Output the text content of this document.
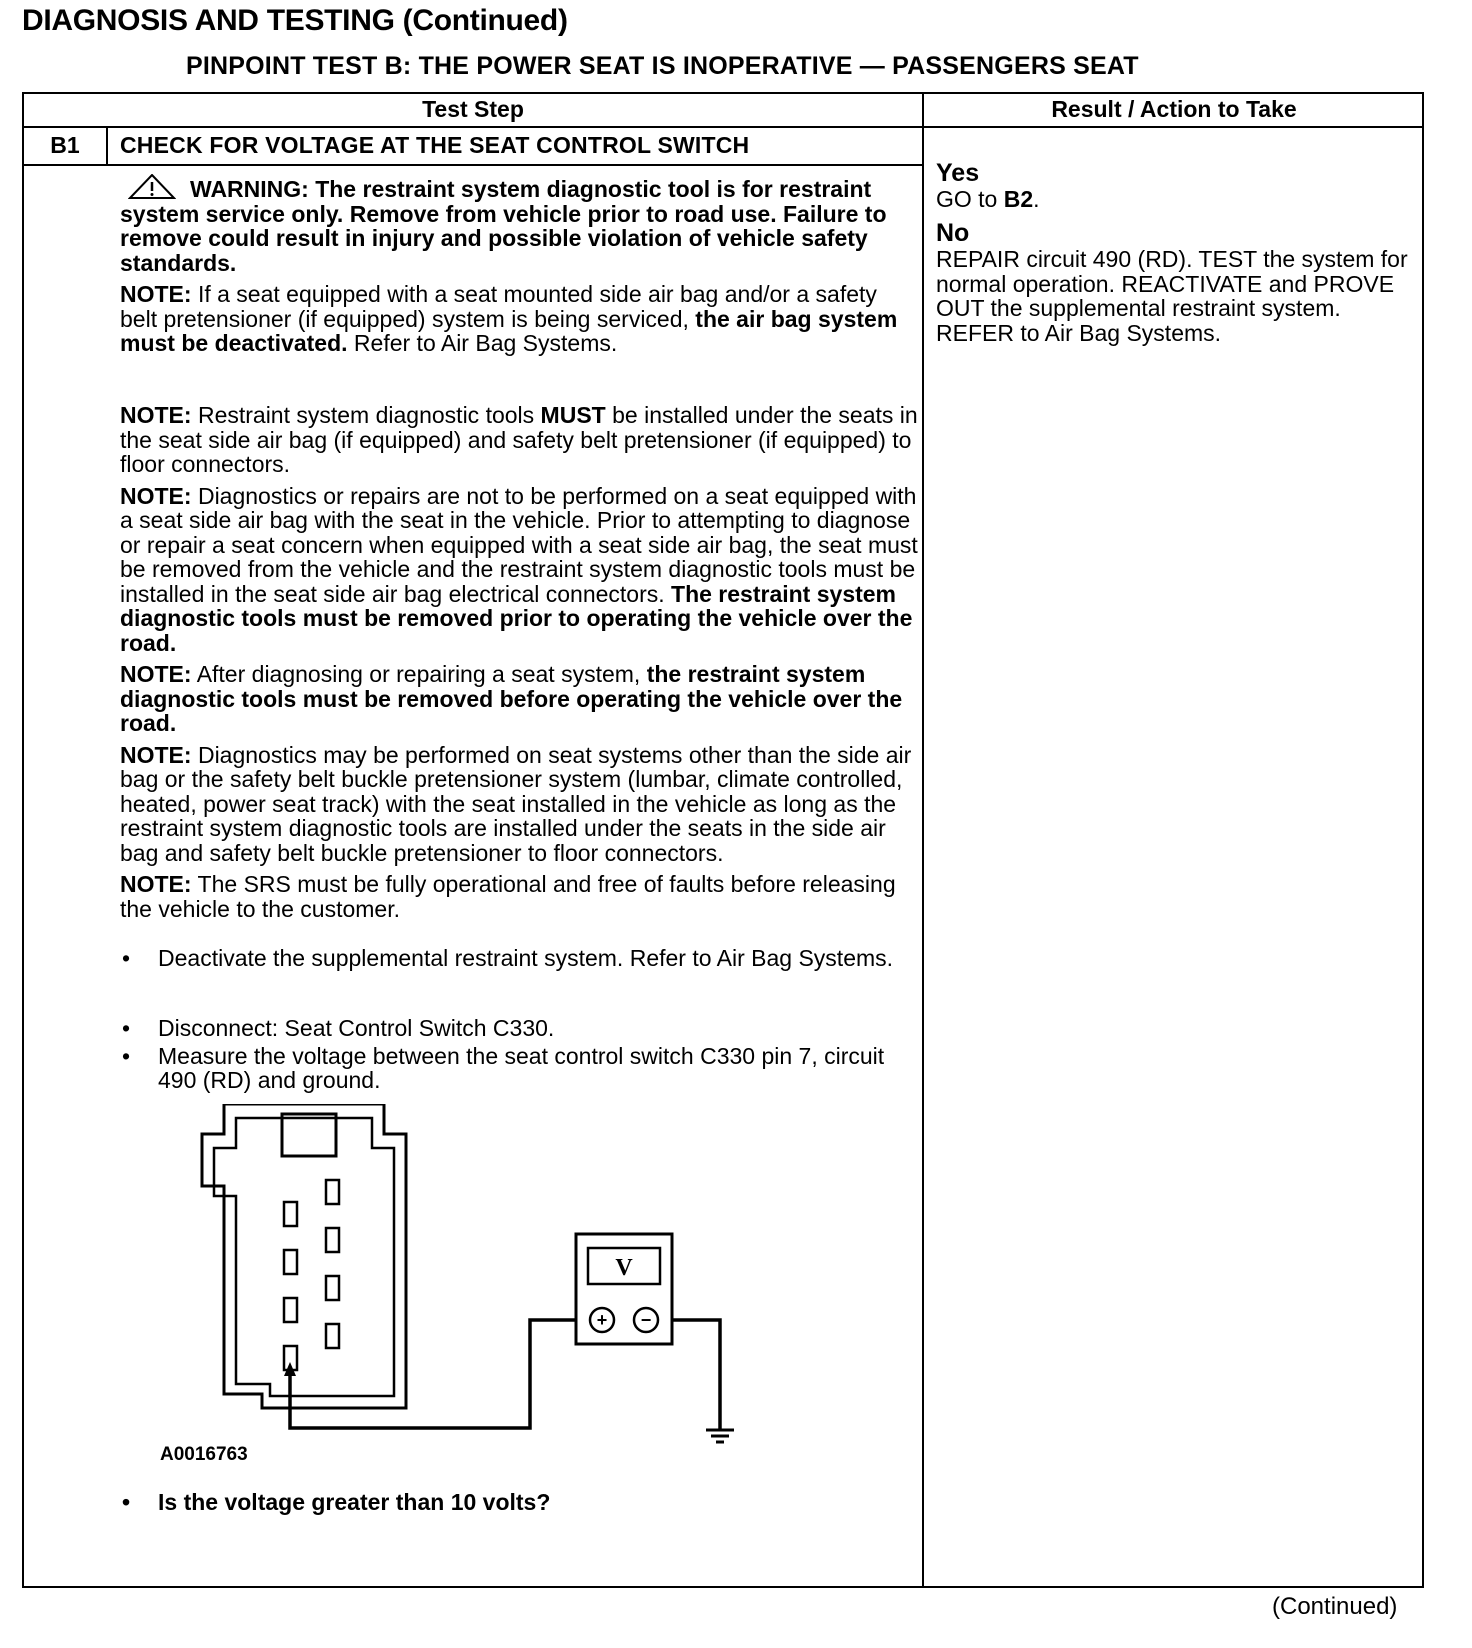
DIAGNOSIS AND TESTING (Continued)
PINPOINT TEST B: THE POWER SEAT IS INOPERATIVE — PASSENGERS SEAT
Test Step	Result / Action to Take
B1	CHECK FOR VOLTAGE AT THE SEAT CONTROL SWITCH
WARNING: The restraint system diagnostic tool is for restraint system service only. Remove from vehicle prior to road use. Failure to remove could result in injury and possible violation of vehicle safety standards.
NOTE: If a seat equipped with a seat mounted side air bag and/or a safety belt pretensioner (if equipped) system is being serviced, the air bag system must be deactivated. Refer to Air Bag Systems.
NOTE: Restraint system diagnostic tools MUST be installed under the seats in the seat side air bag (if equipped) and safety belt pretensioner (if equipped) to floor connectors.
NOTE: Diagnostics or repairs are not to be performed on a seat equipped with a seat side air bag with the seat in the vehicle. Prior to attempting to diagnose or repair a seat concern when equipped with a seat side air bag, the seat must be removed from the vehicle and the restraint system diagnostic tools must be installed in the seat side air bag electrical connectors. The restraint system diagnostic tools must be removed prior to operating the vehicle over the road.
NOTE: After diagnosing or repairing a seat system, the restraint system diagnostic tools must be removed before operating the vehicle over the road.
NOTE: Diagnostics may be performed on seat systems other than the side air bag or the safety belt buckle pretensioner system (lumbar, climate controlled, heated, power seat track) with the seat installed in the vehicle as long as the restraint system diagnostic tools are installed under the seats in the side air bag and safety belt buckle pretensioner to floor connectors.
NOTE: The SRS must be fully operational and free of faults before releasing the vehicle to the customer.
• Deactivate the supplemental restraint system. Refer to Air Bag Systems.
• Disconnect: Seat Control Switch C330.
• Measure the voltage between the seat control switch C330 pin 7, circuit 490 (RD) and ground.
V
+ −
A0016763
• Is the voltage greater than 10 volts?
Yes
GO to B2.
No
REPAIR circuit 490 (RD). TEST the system for normal operation. REACTIVATE and PROVE OUT the supplemental restraint system. REFER to Air Bag Systems.
(Continued)
